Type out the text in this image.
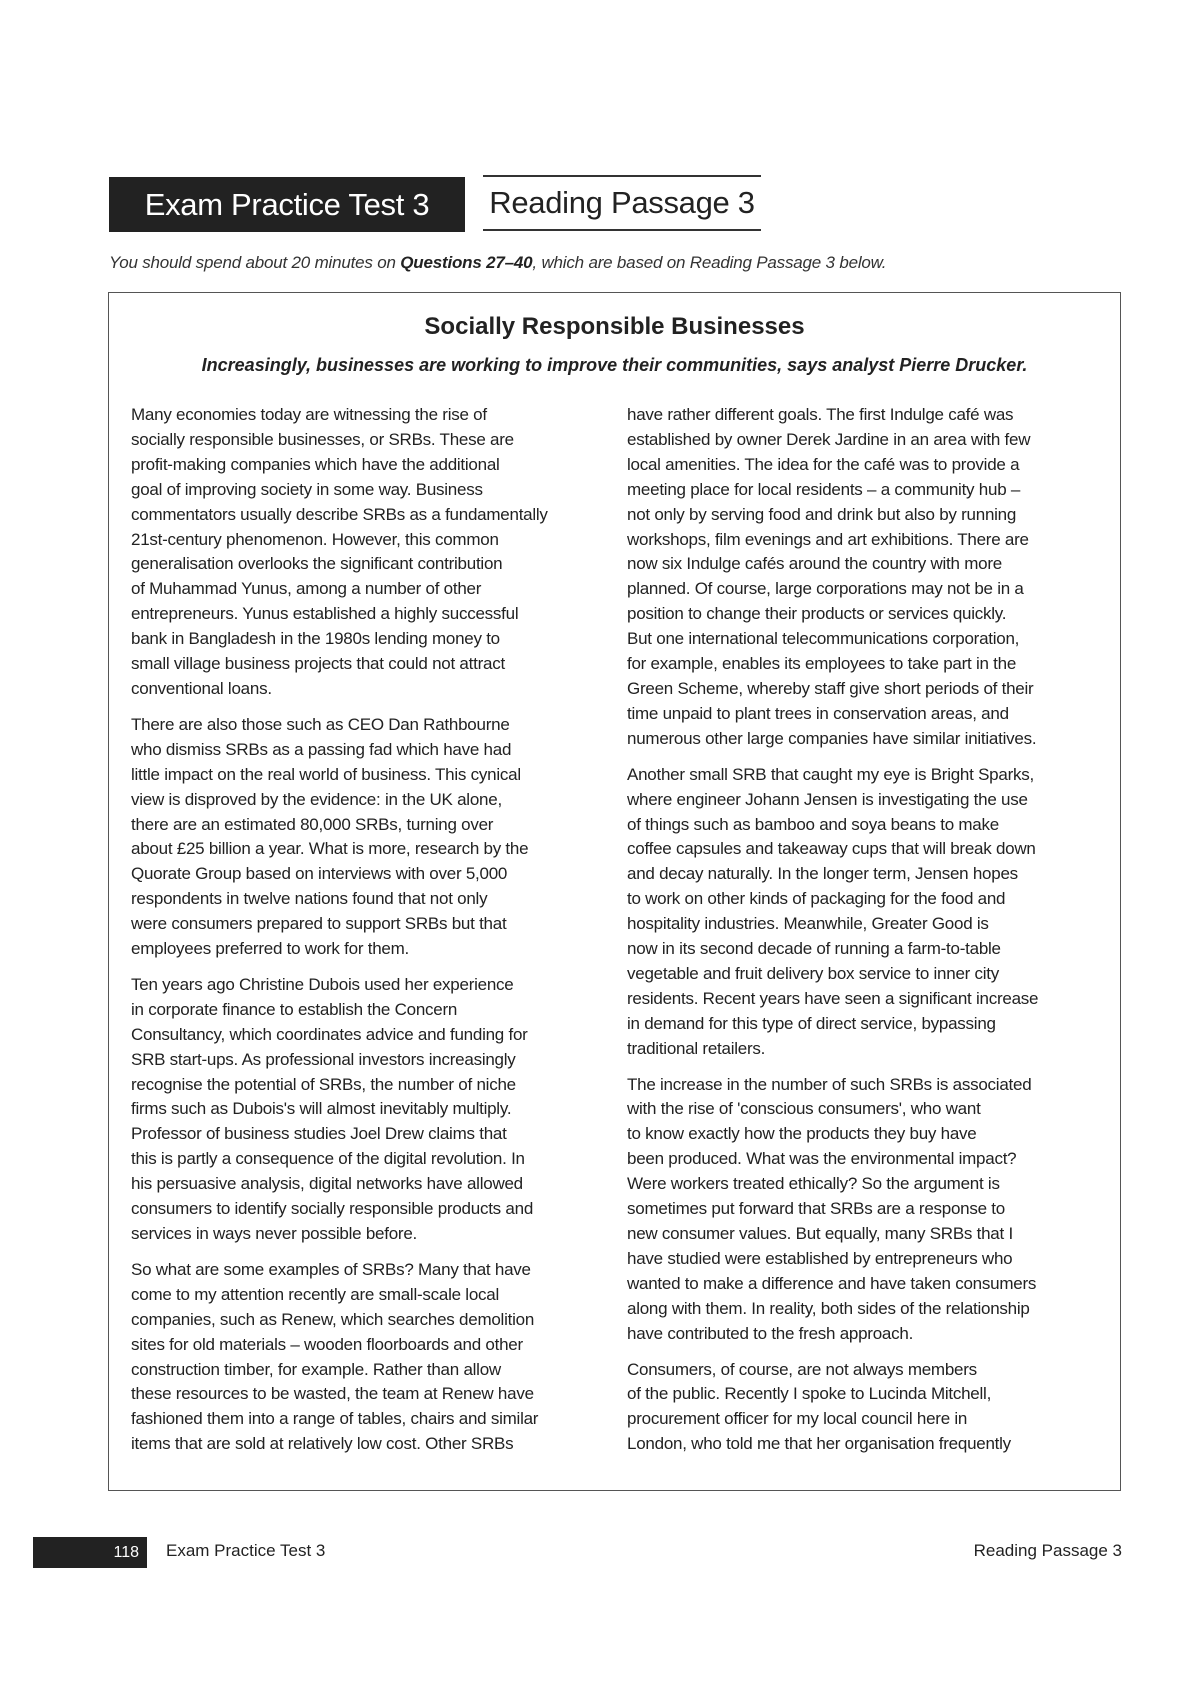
Exam Practice Test 3	Reading Passage 3
You should spend about 20 minutes on Questions 27–40, which are based on Reading Passage 3 below.
Socially Responsible Businesses
Increasingly, businesses are working to improve their communities, says analyst Pierre Drucker.
Many economies today are witnessing the rise of
socially responsible businesses, or SRBs. These are
profit-making companies which have the additional
goal of improving society in some way. Business
commentators usually describe SRBs as a fundamentally
21st-century phenomenon. However, this common
generalisation overlooks the significant contribution
of Muhammad Yunus, among a number of other
entrepreneurs. Yunus established a highly successful
bank in Bangladesh in the 1980s lending money to
small village business projects that could not attract
conventional loans.
There are also those such as CEO Dan Rathbourne
who dismiss SRBs as a passing fad which have had
little impact on the real world of business. This cynical
view is disproved by the evidence: in the UK alone,
there are an estimated 80,000 SRBs, turning over
about £25 billion a year. What is more, research by the
Quorate Group based on interviews with over 5,000
respondents in twelve nations found that not only
were consumers prepared to support SRBs but that
employees preferred to work for them.
Ten years ago Christine Dubois used her experience
in corporate finance to establish the Concern
Consultancy, which coordinates advice and funding for
SRB start-ups. As professional investors increasingly
recognise the potential of SRBs, the number of niche
firms such as Dubois's will almost inevitably multiply.
Professor of business studies Joel Drew claims that
this is partly a consequence of the digital revolution. In
his persuasive analysis, digital networks have allowed
consumers to identify socially responsible products and
services in ways never possible before.
So what are some examples of SRBs? Many that have
come to my attention recently are small-scale local
companies, such as Renew, which searches demolition
sites for old materials – wooden floorboards and other
construction timber, for example. Rather than allow
these resources to be wasted, the team at Renew have
fashioned them into a range of tables, chairs and similar
items that are sold at relatively low cost. Other SRBs
have rather different goals. The first Indulge café was
established by owner Derek Jardine in an area with few
local amenities. The idea for the café was to provide a
meeting place for local residents – a community hub –
not only by serving food and drink but also by running
workshops, film evenings and art exhibitions. There are
now six Indulge cafés around the country with more
planned. Of course, large corporations may not be in a
position to change their products or services quickly.
But one international telecommunications corporation,
for example, enables its employees to take part in the
Green Scheme, whereby staff give short periods of their
time unpaid to plant trees in conservation areas, and
numerous other large companies have similar initiatives.
Another small SRB that caught my eye is Bright Sparks,
where engineer Johann Jensen is investigating the use
of things such as bamboo and soya beans to make
coffee capsules and takeaway cups that will break down
and decay naturally. In the longer term, Jensen hopes
to work on other kinds of packaging for the food and
hospitality industries. Meanwhile, Greater Good is
now in its second decade of running a farm-to-table
vegetable and fruit delivery box service to inner city
residents. Recent years have seen a significant increase
in demand for this type of direct service, bypassing
traditional retailers.
The increase in the number of such SRBs is associated
with the rise of 'conscious consumers', who want
to know exactly how the products they buy have
been produced. What was the environmental impact?
Were workers treated ethically? So the argument is
sometimes put forward that SRBs are a response to
new consumer values. But equally, many SRBs that I
have studied were established by entrepreneurs who
wanted to make a difference and have taken consumers
along with them. In reality, both sides of the relationship
have contributed to the fresh approach.
Consumers, of course, are not always members
of the public. Recently I spoke to Lucinda Mitchell,
procurement officer for my local council here in
London, who told me that her organisation frequently
118	Exam Practice Test 3	Reading Passage 3
